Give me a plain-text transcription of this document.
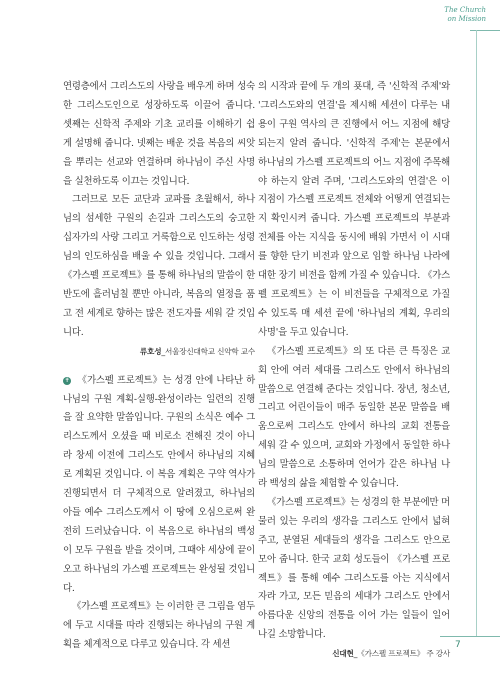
The Church
on Mission

연령층에서 그리스도의 사랑을 배우게 하며 성숙한 그리스도인으로 성장하도록 이끌어 줍니다. 셋째는 신학적 주제와 기초 교리를 이해하기 쉽게 설명해 줍니다. 넷째는 배운 것을 복음의 씨앗을 뿌리는 선교와 연결하며 하나님이 주신 사명을 실천하도록 이끄는 것입니다.

그러므로 모든 교단과 교파를 초월해서, 하나님의 섬세한 구원의 손길과 그리스도의 숭고한 십자가의 사랑 그리고 거룩함으로 인도하는 성령님의 인도하심을 배울 수 있을 것입니다. 그래서 《가스펠 프로젝트》를 통해 하나님의 말씀이 한반도에 흘러넘칠 뿐만 아니라, 복음의 열정을 품고 전 세계로 향하는 많은 전도자를 세워 갈 것입니다.

류호성_서울장신대학교 신약학 교수

✝ 《가스펠 프로젝트》는 성경 안에 나타난 하나님의 구원 계획-실행-완성이라는 일련의 진행을 잘 요약한 말씀입니다. 구원의 소식은 예수 그리스도께서 오셨을 때 비로소 전해진 것이 아니라 창세 이전에 그리스도 안에서 하나님의 지혜로 계획된 것입니다. 이 복음 계획은 구약 역사가 진행되면서 더 구체적으로 알려졌고, 하나님의 아들 예수 그리스도께서 이 땅에 오심으로써 완전히 드러났습니다. 이 복음으로 하나님의 백성이 모두 구원을 받을 것이며, 그때야 세상에 끝이 오고 하나님의 가스펠 프로젝트는 완성될 것입니다.

《가스펠 프로젝트》는 이러한 큰 그림을 염두에 두고 시대를 따라 진행되는 하나님의 구원 계획을 체계적으로 다루고 있습니다. 각 세션

의 시작과 끝에 두 개의 푯대, 즉 '신학적 주제'와 '그리스도와의 연결'을 제시해 세션이 다루는 내용이 구원 역사의 큰 진행에서 어느 지점에 해당되는지 알려 줍니다. '신학적 주제'는 본문에서 하나님의 가스펠 프로젝트의 어느 지점에 주목해야 하는지 알려 주며, '그리스도와의 연결'은 이 지점이 가스펠 프로젝트 전체와 어떻게 연결되는지 확인시켜 줍니다. 가스펠 프로젝트의 부분과 전체를 아는 지식을 동시에 배워 가면서 이 시대를 향한 단기 비전과 앞으로 임할 하나님 나라에 대한 장기 비전을 함께 가질 수 있습니다. 《가스펠 프로젝트》는 이 비전들을 구체적으로 가질 수 있도록 매 세션 끝에 '하나님의 계획, 우리의 사명'을 두고 있습니다.

《가스펠 프로젝트》의 또 다른 큰 특징은 교회 안에 여러 세대를 그리스도 안에서 하나님의 말씀으로 연결해 준다는 것입니다. 장년, 청소년, 그리고 어린이들이 매주 동일한 본문 말씀을 배움으로써 그리스도 안에서 하나의 교회 전통을 세워 갈 수 있으며, 교회와 가정에서 동일한 하나님의 말씀으로 소통하며 언어가 같은 하나님 나라 백성의 삶을 체험할 수 있습니다.

《가스펠 프로젝트》는 성경의 한 부분에만 머물러 있는 우리의 생각을 그리스도 안에서 넓혀 주고, 분열된 세대들의 생각을 그리스도 안으로 모아 줍니다. 한국 교회 성도들이 《가스펠 프로젝트》를 통해 예수 그리스도를 아는 지식에서 자라 가고, 모든 믿음의 세대가 그리스도 안에서 아름다운 신앙의 전통을 이어 가는 일들이 일어나길 소망합니다.

신대현_《가스펠 프로젝트》 주 강사
7
